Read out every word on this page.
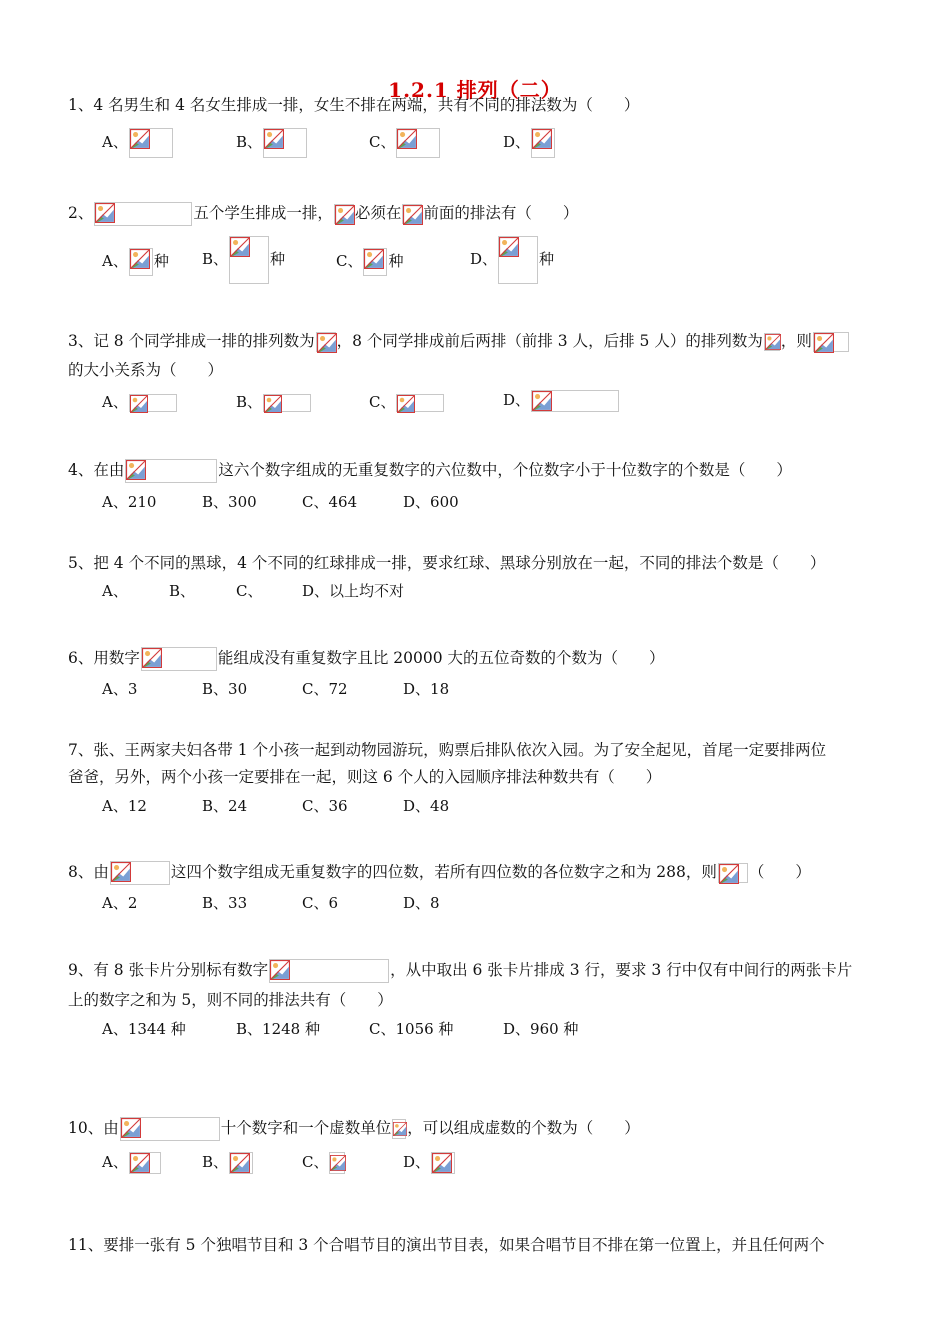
1.2.1 排列（二）
1、4 名男生和 4 名女生排成一排，女生不排在两端，共有不同的排法数为（　　）
A、	B、	C、	D、
2、	五个学生排成一排， 必须在 前面的排法有（　　）
A、 种 B、	种	C、 种	D、	种
3、记 8 个同学排成一排的排列数为 ，8 个同学排成前后两排（前排 3 人，后排 5 人）的排列数为 ，则
的大小关系为（　　）
A、	B、	C、	D、
4、在由	这六个数字组成的无重复数字的六位数中，个位数字小于十位数字的个数是（　　）
A、210	B、300	C、464	D、600
5、把 4 个不同的黑球，4 个不同的红球排成一排，要求红球、黑球分别放在一起，不同的排法个数是（　　）
A、	B、	C、	D、以上均不对
6、用数字	能组成没有重复数字且比 20000 大的五位奇数的个数为（　　）
A、3	B、30	C、72	D、18
7、张、王两家夫妇各带 1 个小孩一起到动物园游玩，购票后排队依次入园。为了安全起见，首尾一定要排两位
爸爸，另外，两个小孩一定要排在一起，则这 6 个人的入园顺序排法种数共有（　　）
A、12	B、24	C、36	D、48
8、由	这四个数字组成无重复数字的四位数，若所有四位数的各位数字之和为 288，则 （　　）
A、2	B、33	C、6	D、8
9、有 8 张卡片分别标有数字	，从中取出 6 张卡片排成 3 行，要求 3 行中仅有中间行的两张卡片
上的数字之和为 5，则不同的排法共有（　　）
A、1344 种	B、1248 种	C、1056 种	D、960 种
10、由	十个数字和一个虚数单位 ，可以组成虚数的个数为（　　）
A、	B、	C、	D、
11、要排一张有 5 个独唱节目和 3 个合唱节目的演出节目表，如果合唱节目不排在第一位置上，并且任何两个
